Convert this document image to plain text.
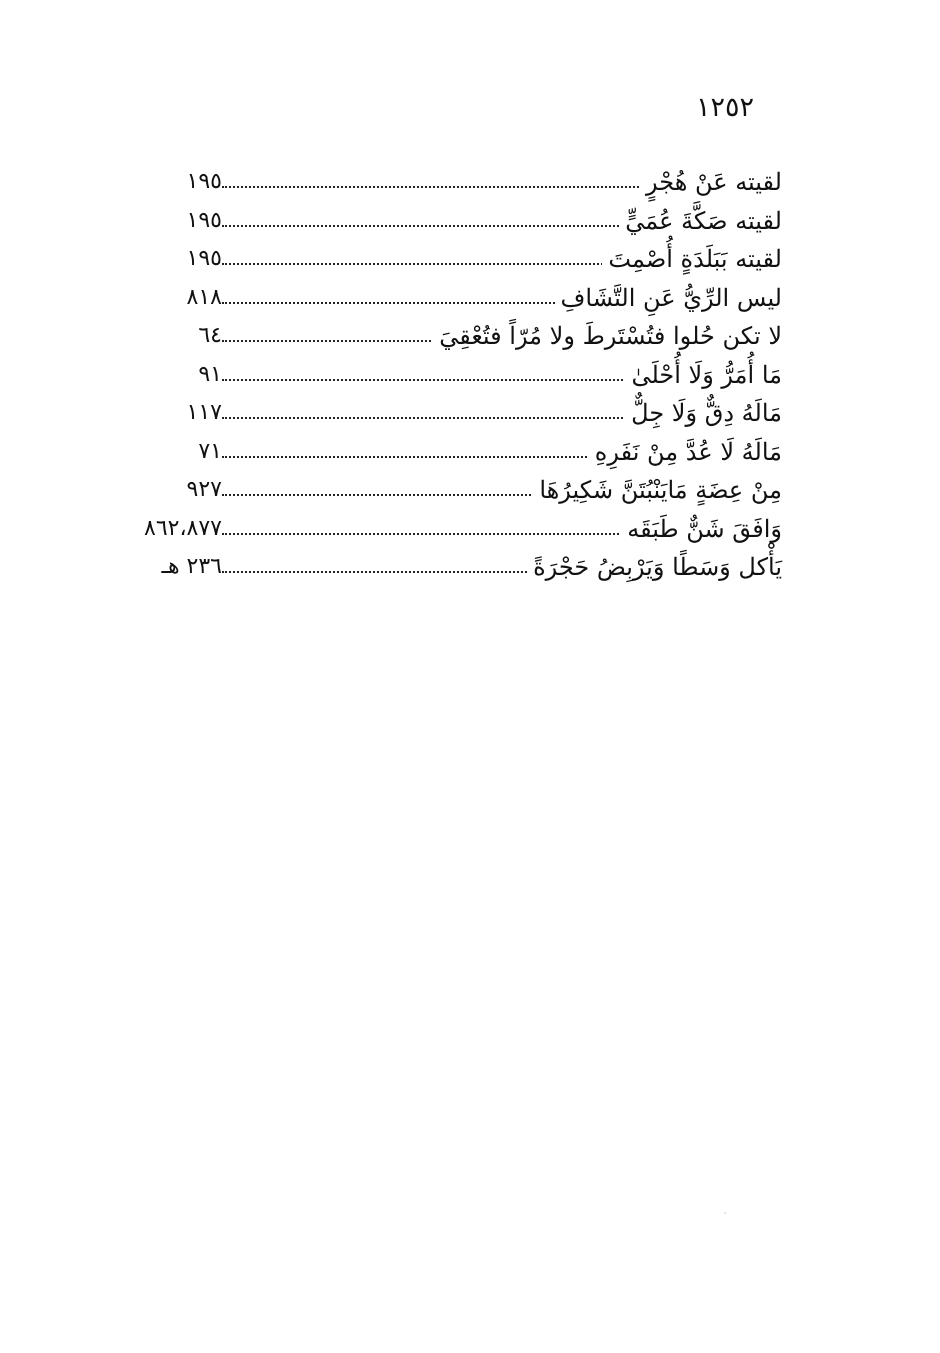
١٢٥٢
لقيته عَنْ هُجْرٍ
١٩٥
لقيته صَكَّةَ عُمَيٍّ
١٩٥
لقيته بَبَلَدَةٍ أُصْمِتَ
١٩٥
ليس الرِّيُّ عَنِ التَّشَافِ
٨١٨
لا تكن حُلوا فتُسْتَرطَ ولا مُرّاً فتُعْقِيَ
٦٤
مَا أُمَرُّ وَلَا أُحْلَىٰ
٩١
مَالَهُ دِقٌّ وَلَا جِلٌّ
١١٧
مَالَهُ لَا عُدَّ مِنْ نَفَرِهِ
٧١
مِنْ عِضَةٍ مَايَنْبُتَنَّ شَكِيرُهَا
٩٢٧
وَافَقَ شَنٌّ طَبَقَه
٨٦٢،٨٧٧
يَأْكل وَسَطًا وَيَرْبِضُ حَجْرَةً
٢٣٦ هـ
